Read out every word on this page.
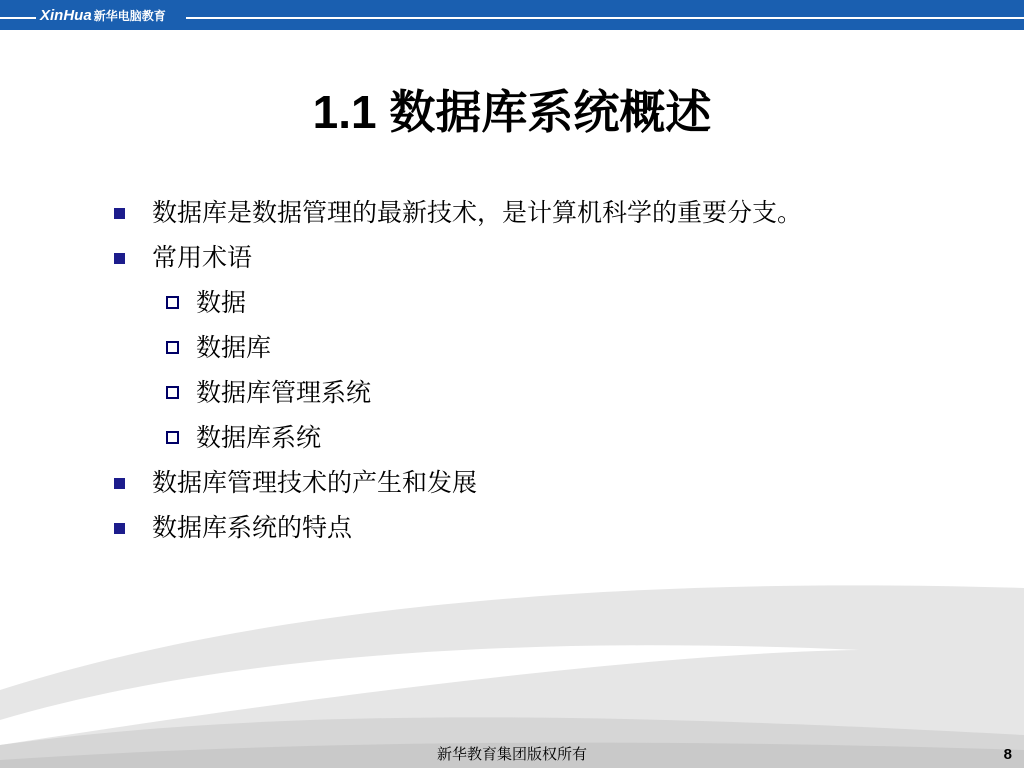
XinHua 新华电脑教育
1.1 数据库系统概述
数据库是数据管理的最新技术，是计算机科学的重要分支。
常用术语
数据
数据库
数据库管理系统
数据库系统
数据库管理技术的产生和发展
数据库系统的特点
新华教育集团版权所有	8
